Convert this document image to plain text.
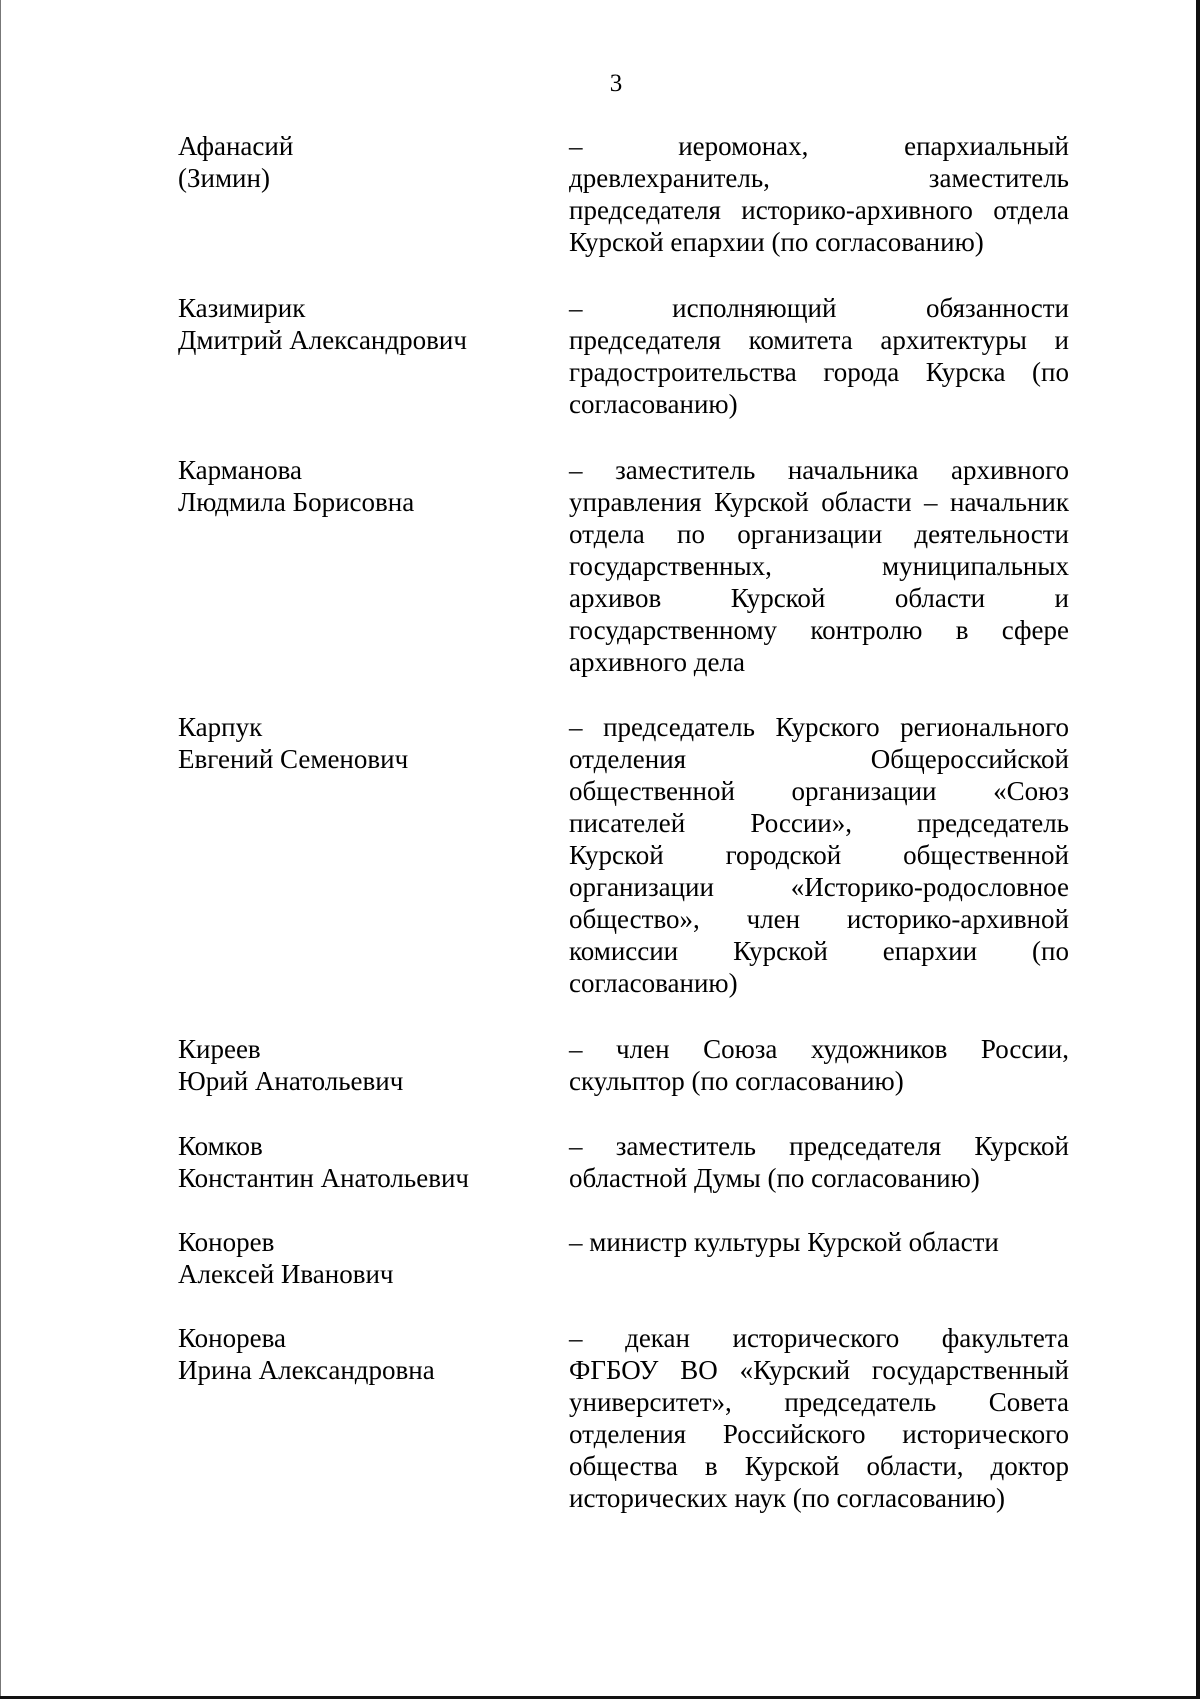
3
Афанасий
(Зимин)
– иеромонах, епархиальный
древлехранитель, заместитель
председателя историко-архивного отдела
Курской епархии (по согласованию)
Казимирик
Дмитрий Александрович
– исполняющий обязанности
председателя комитета архитектуры и
градостроительства города Курска (по
согласованию)
Карманова
Людмила Борисовна
– заместитель начальника архивного
управления Курской области – начальник
отдела по организации деятельности
государственных, муниципальных
архивов Курской области и
государственному контролю в сфере
архивного дела
Карпук
Евгений Семенович
– председатель Курского регионального
отделения Общероссийской
общественной организации «Союз
писателей России», председатель
Курской городской общественной
организации «Историко-родословное
общество», член историко-архивной
комиссии Курской епархии (по
согласованию)
Киреев
Юрий Анатольевич
– член Союза художников России,
скульптор (по согласованию)
Комков
Константин Анатольевич
– заместитель председателя Курской
областной Думы (по согласованию)
Конорев
Алексей Иванович
– министр культуры Курской области
Конорева
Ирина Александровна
– декан исторического факультета
ФГБОУ ВО «Курский государственный
университет», председатель Совета
отделения Российского исторического
общества в Курской области, доктор
исторических наук (по согласованию)
